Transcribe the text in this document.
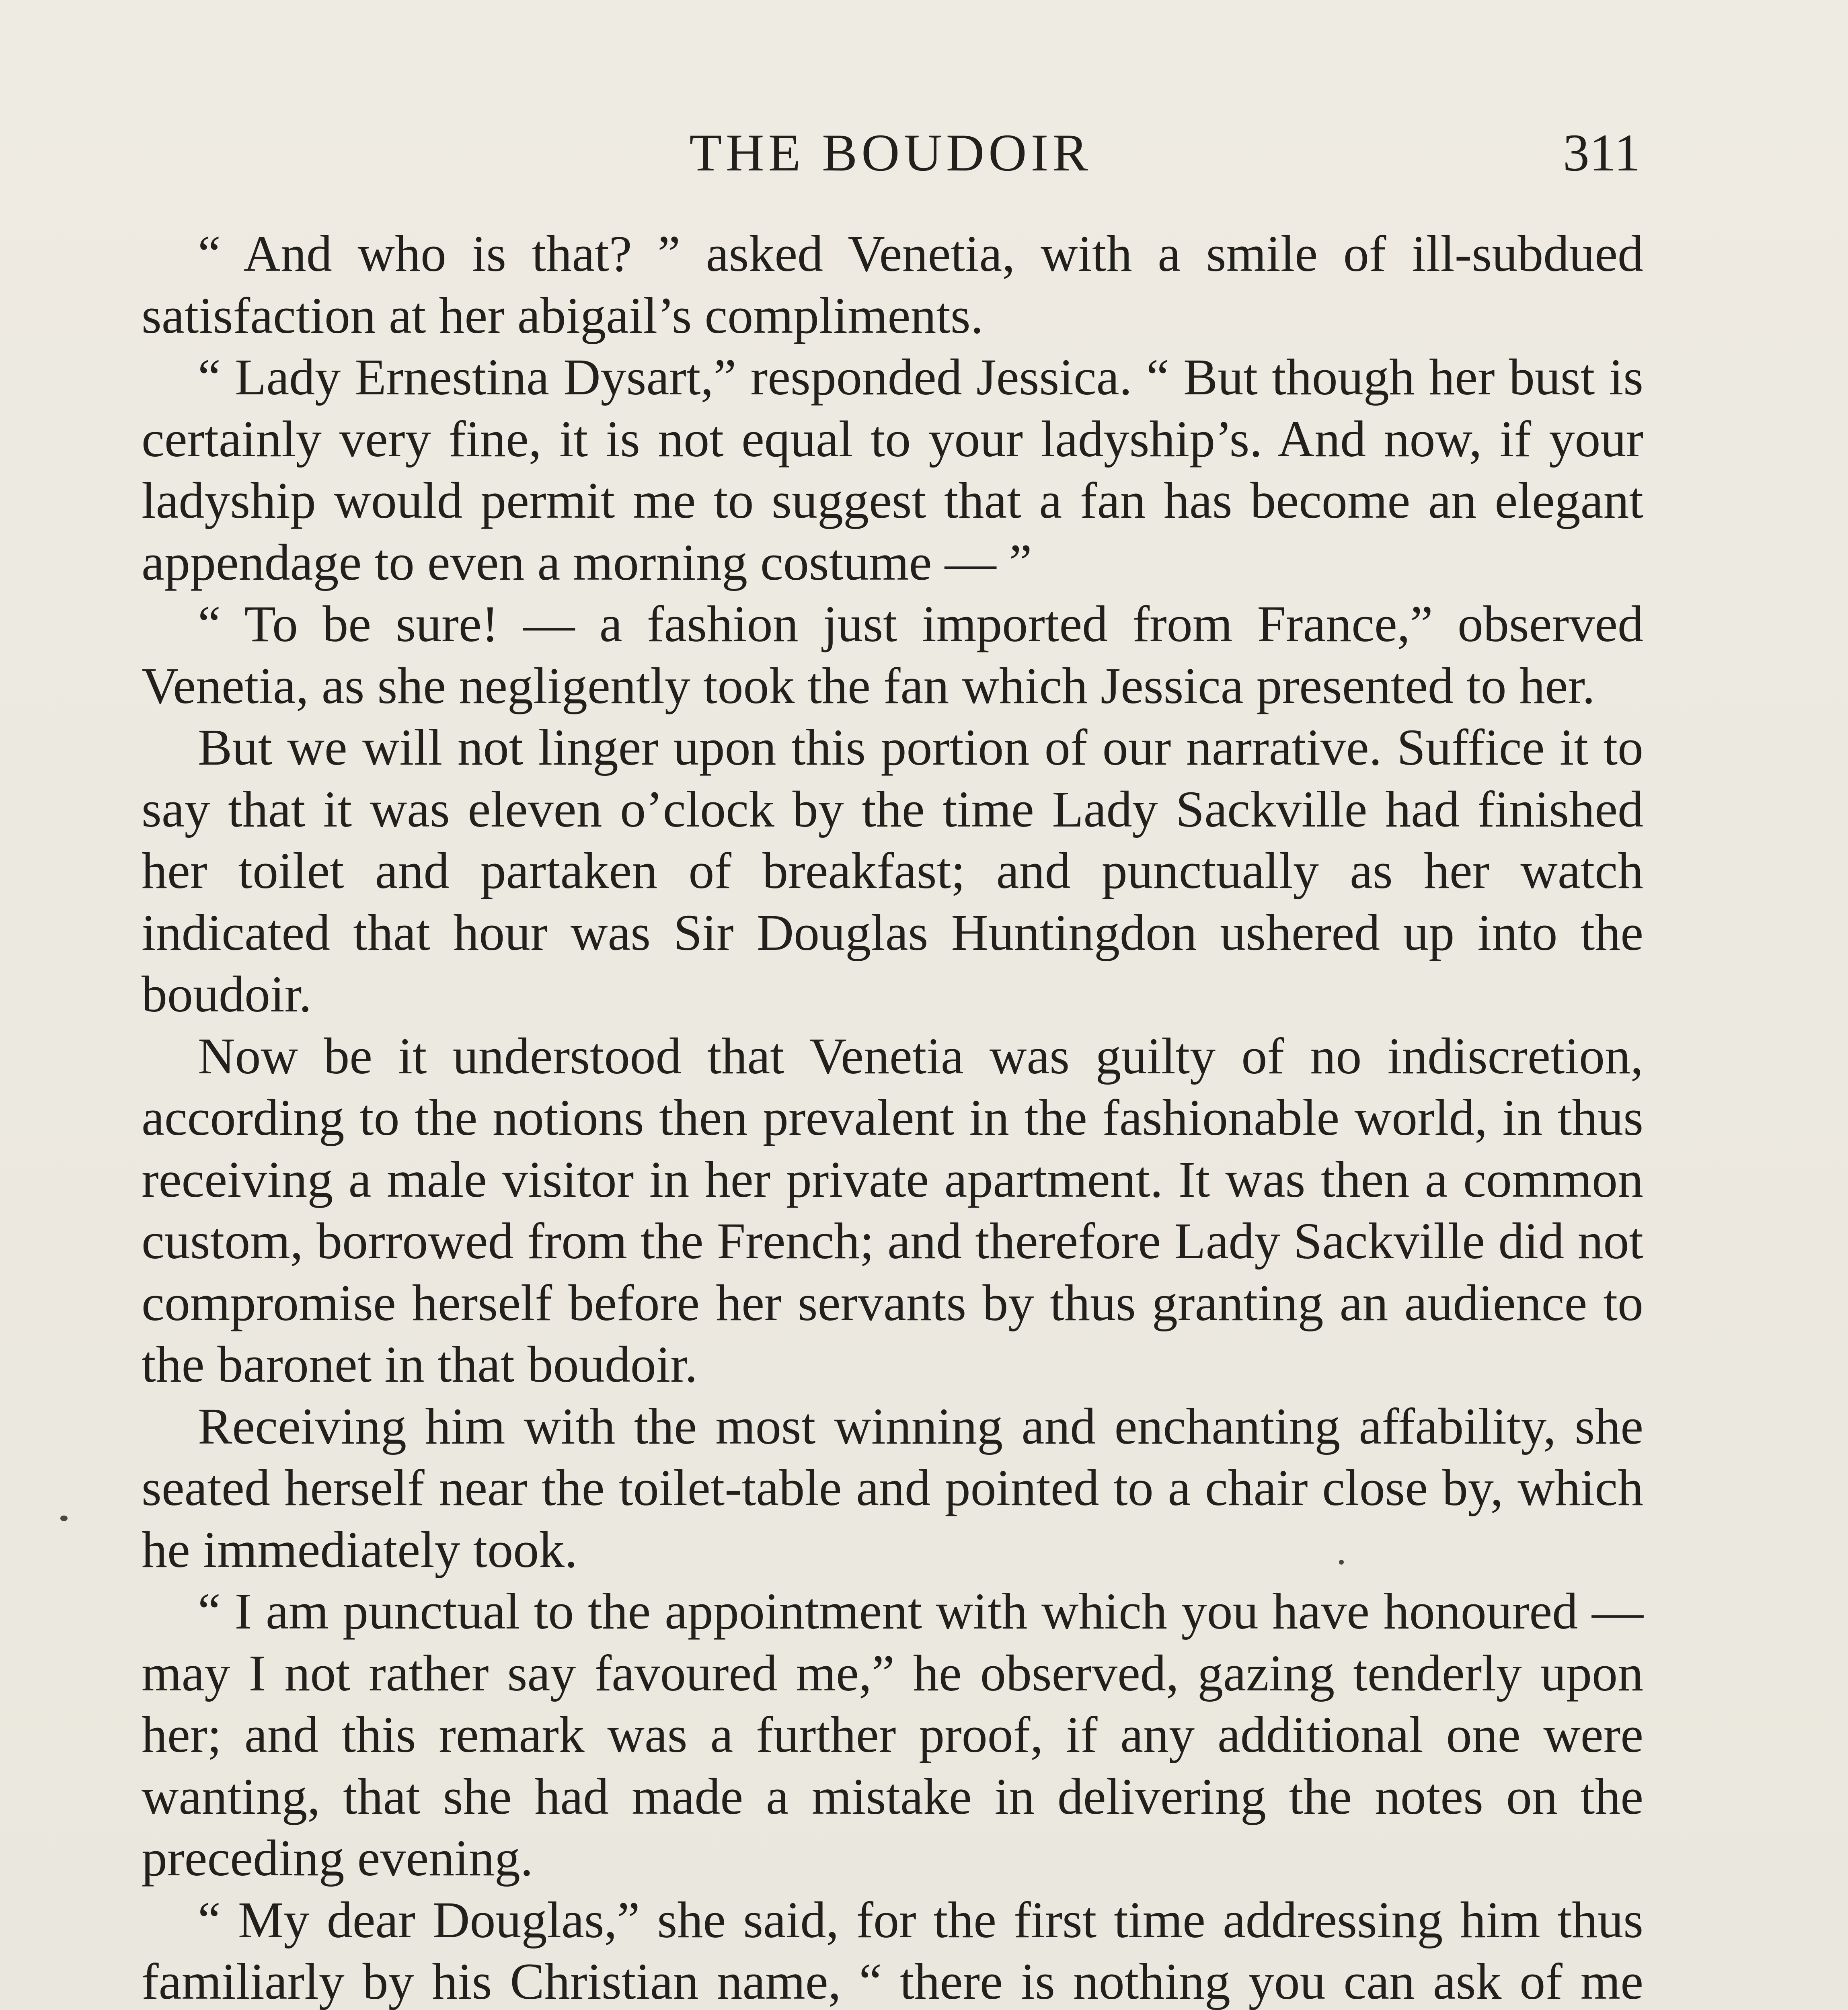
THE BOUDOIR	311

“ And who is that? ” asked Venetia, with a smile of ill-subdued satisfaction at her abigail’s compliments.

“ Lady Ernestina Dysart,” responded Jessica. “ But though her bust is certainly very fine, it is not equal to your ladyship’s. And now, if your ladyship would permit me to suggest that a fan has become an elegant appendage to even a morning costume — ”

“ To be sure! — a fashion just imported from France,” observed Venetia, as she negligently took the fan which Jessica presented to her.

But we will not linger upon this portion of our narrative. Suffice it to say that it was eleven o’clock by the time Lady Sackville had finished her toilet and partaken of breakfast; and punctually as her watch indicated that hour was Sir Douglas Huntingdon ushered up into the boudoir.

Now be it understood that Venetia was guilty of no indiscretion, according to the notions then prevalent in the fashionable world, in thus receiving a male visitor in her private apartment. It was then a common custom, borrowed from the French; and therefore Lady Sackville did not compromise herself before her servants by thus granting an audience to the baronet in that boudoir.

Receiving him with the most winning and enchanting affability, she seated herself near the toilet-table and pointed to a chair close by, which he immediately took.

“ I am punctual to the appointment with which you have honoured — may I not rather say favoured me,” he observed, gazing tenderly upon her; and this remark was a further proof, if any additional one were wanting, that she had made a mistake in delivering the notes on the preceding evening.

“ My dear Douglas,” she said, for the first time addressing him thus familiarly by his Christian name, “ there is nothing you can ask of me
